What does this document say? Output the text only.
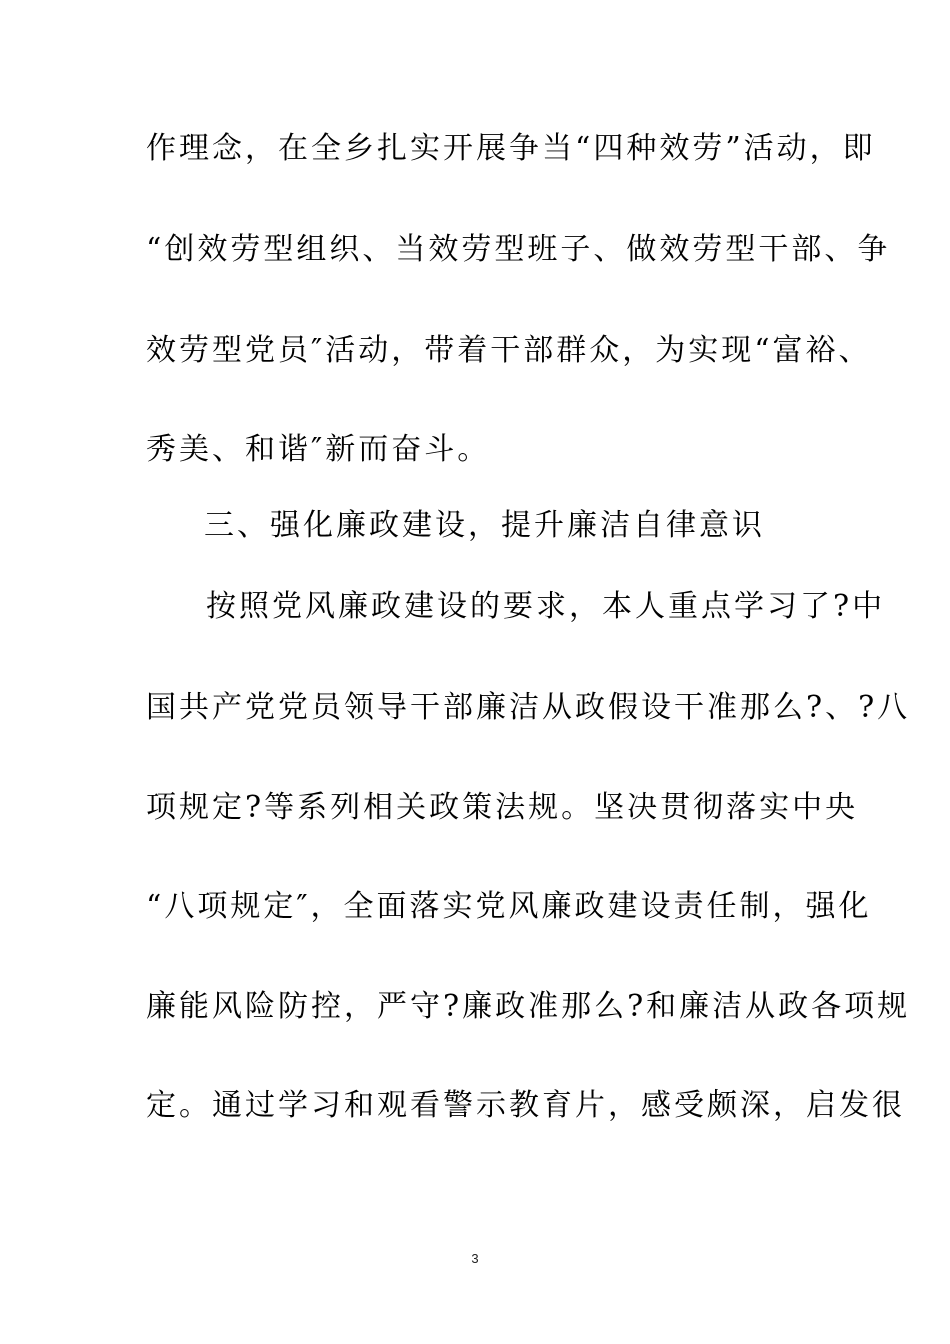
作理念，在全乡扎实开展争当“四种效劳”活动，即
“创效劳型组织、当效劳型班子、做效劳型干部、争
效劳型党员″活动，带着干部群众，为实现“富裕、
秀美、和谐″新而奋斗。
三、强化廉政建设，提升廉洁自律意识
按照党风廉政建设的要求，本人重点学习了?中
国共产党党员领导干部廉洁从政假设干准那么?、?八
项规定?等系列相关政策法规。坚决贯彻落实中央
“八项规定″，全面落实党风廉政建设责任制，强化
廉能风险防控，严守?廉政准那么?和廉洁从政各项规
定。通过学习和观看警示教育片，感受颇深，启发很
3
